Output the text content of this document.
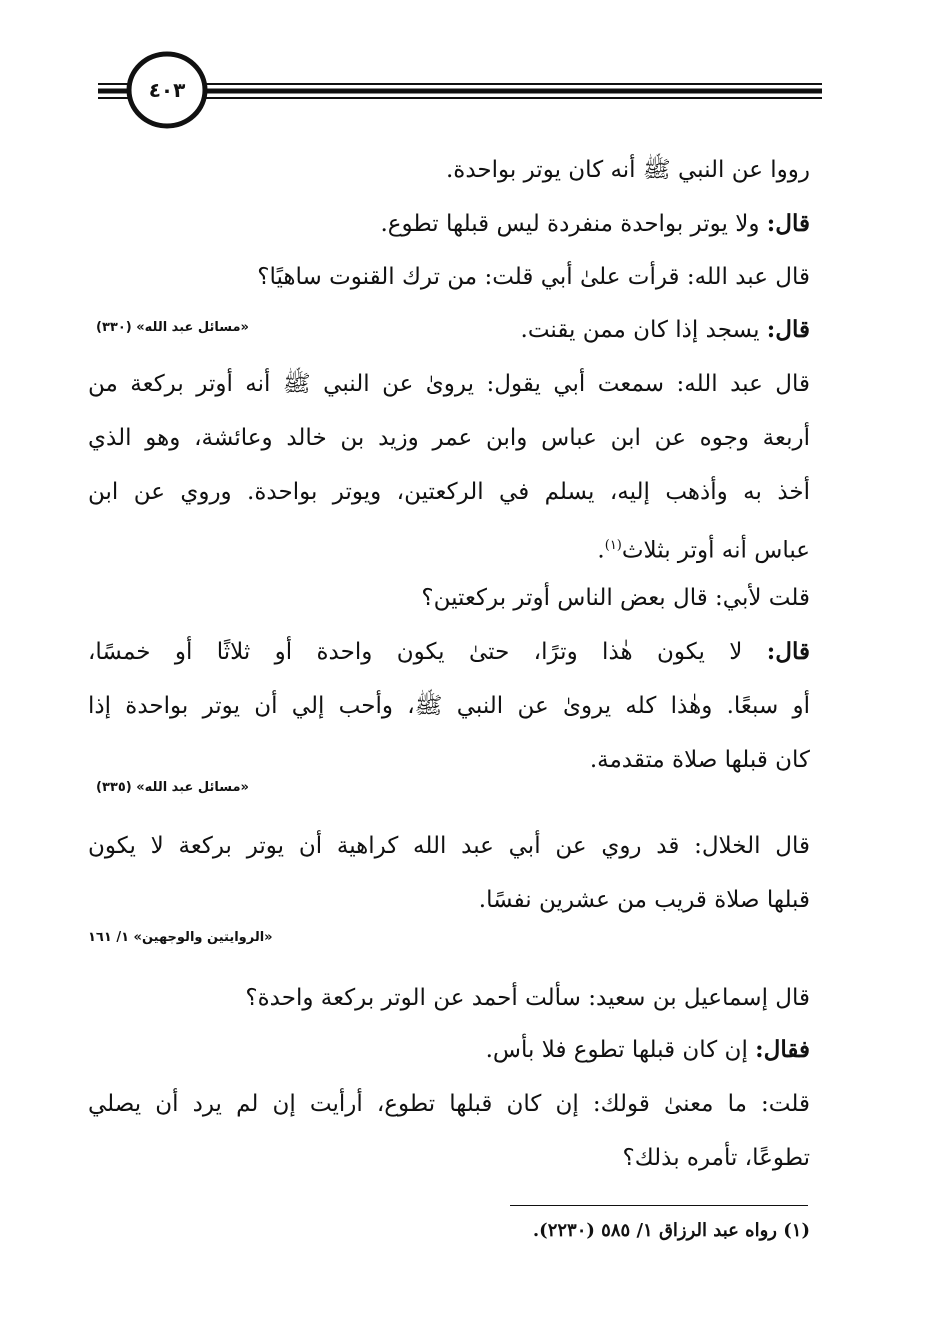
٤٠٣
رووا عن النبي ﷺ أنه كان يوتر بواحدة.
قال: ولا يوتر بواحدة منفردة ليس قبلها تطوع.
قال عبد الله: قرأت علىٰ أبي قلت: من ترك القنوت ساهيًا؟
قال: يسجد إذا كان ممن يقنت.
«مسائل عبد الله» (٣٣٠)
قال عبد الله: سمعت أبي يقول: يرویٰ عن النبي ﷺ أنه أوتر بركعة من
أربعة وجوه عن ابن عباس وابن عمر وزيد بن خالد وعائشة، وهو الذي
أخذ به وأذهب إليه، يسلم في الركعتين، ويوتر بواحدة. وروي عن ابن
عباس أنه أوتر بثلاث$^{(١)}$.
قلت لأبي: قال بعض الناس أوتر بركعتين؟
قال: لا يكون هٰذا وترًا، حتىٰ يكون واحدة أو ثلاثًا أو خمسًا،
أو سبعًا. وهٰذا كله يرویٰ عن النبي ﷺ، وأحب إلي أن يوتر بواحدة إذا
كان قبلها صلاة متقدمة.
«مسائل عبد الله» (٣٣٥)
قال الخلال: قد روي عن أبي عبد الله كراهية أن يوتر بركعة لا يكون
قبلها صلاة قريب من عشرين نفسًا.
«الروايتين والوجهين» ١/ ١٦١
قال إسماعيل بن سعيد: سألت أحمد عن الوتر بركعة واحدة؟
فقال: إن كان قبلها تطوع فلا بأس.
قلت: ما معنىٰ قولك: إن كان قبلها تطوع، أرأيت إن لم يرد أن يصلي
تطوعًا، تأمره بذلك؟
(١) رواه عبد الرزاق ١/ ٥٨٥ (٢٢٣٠).
